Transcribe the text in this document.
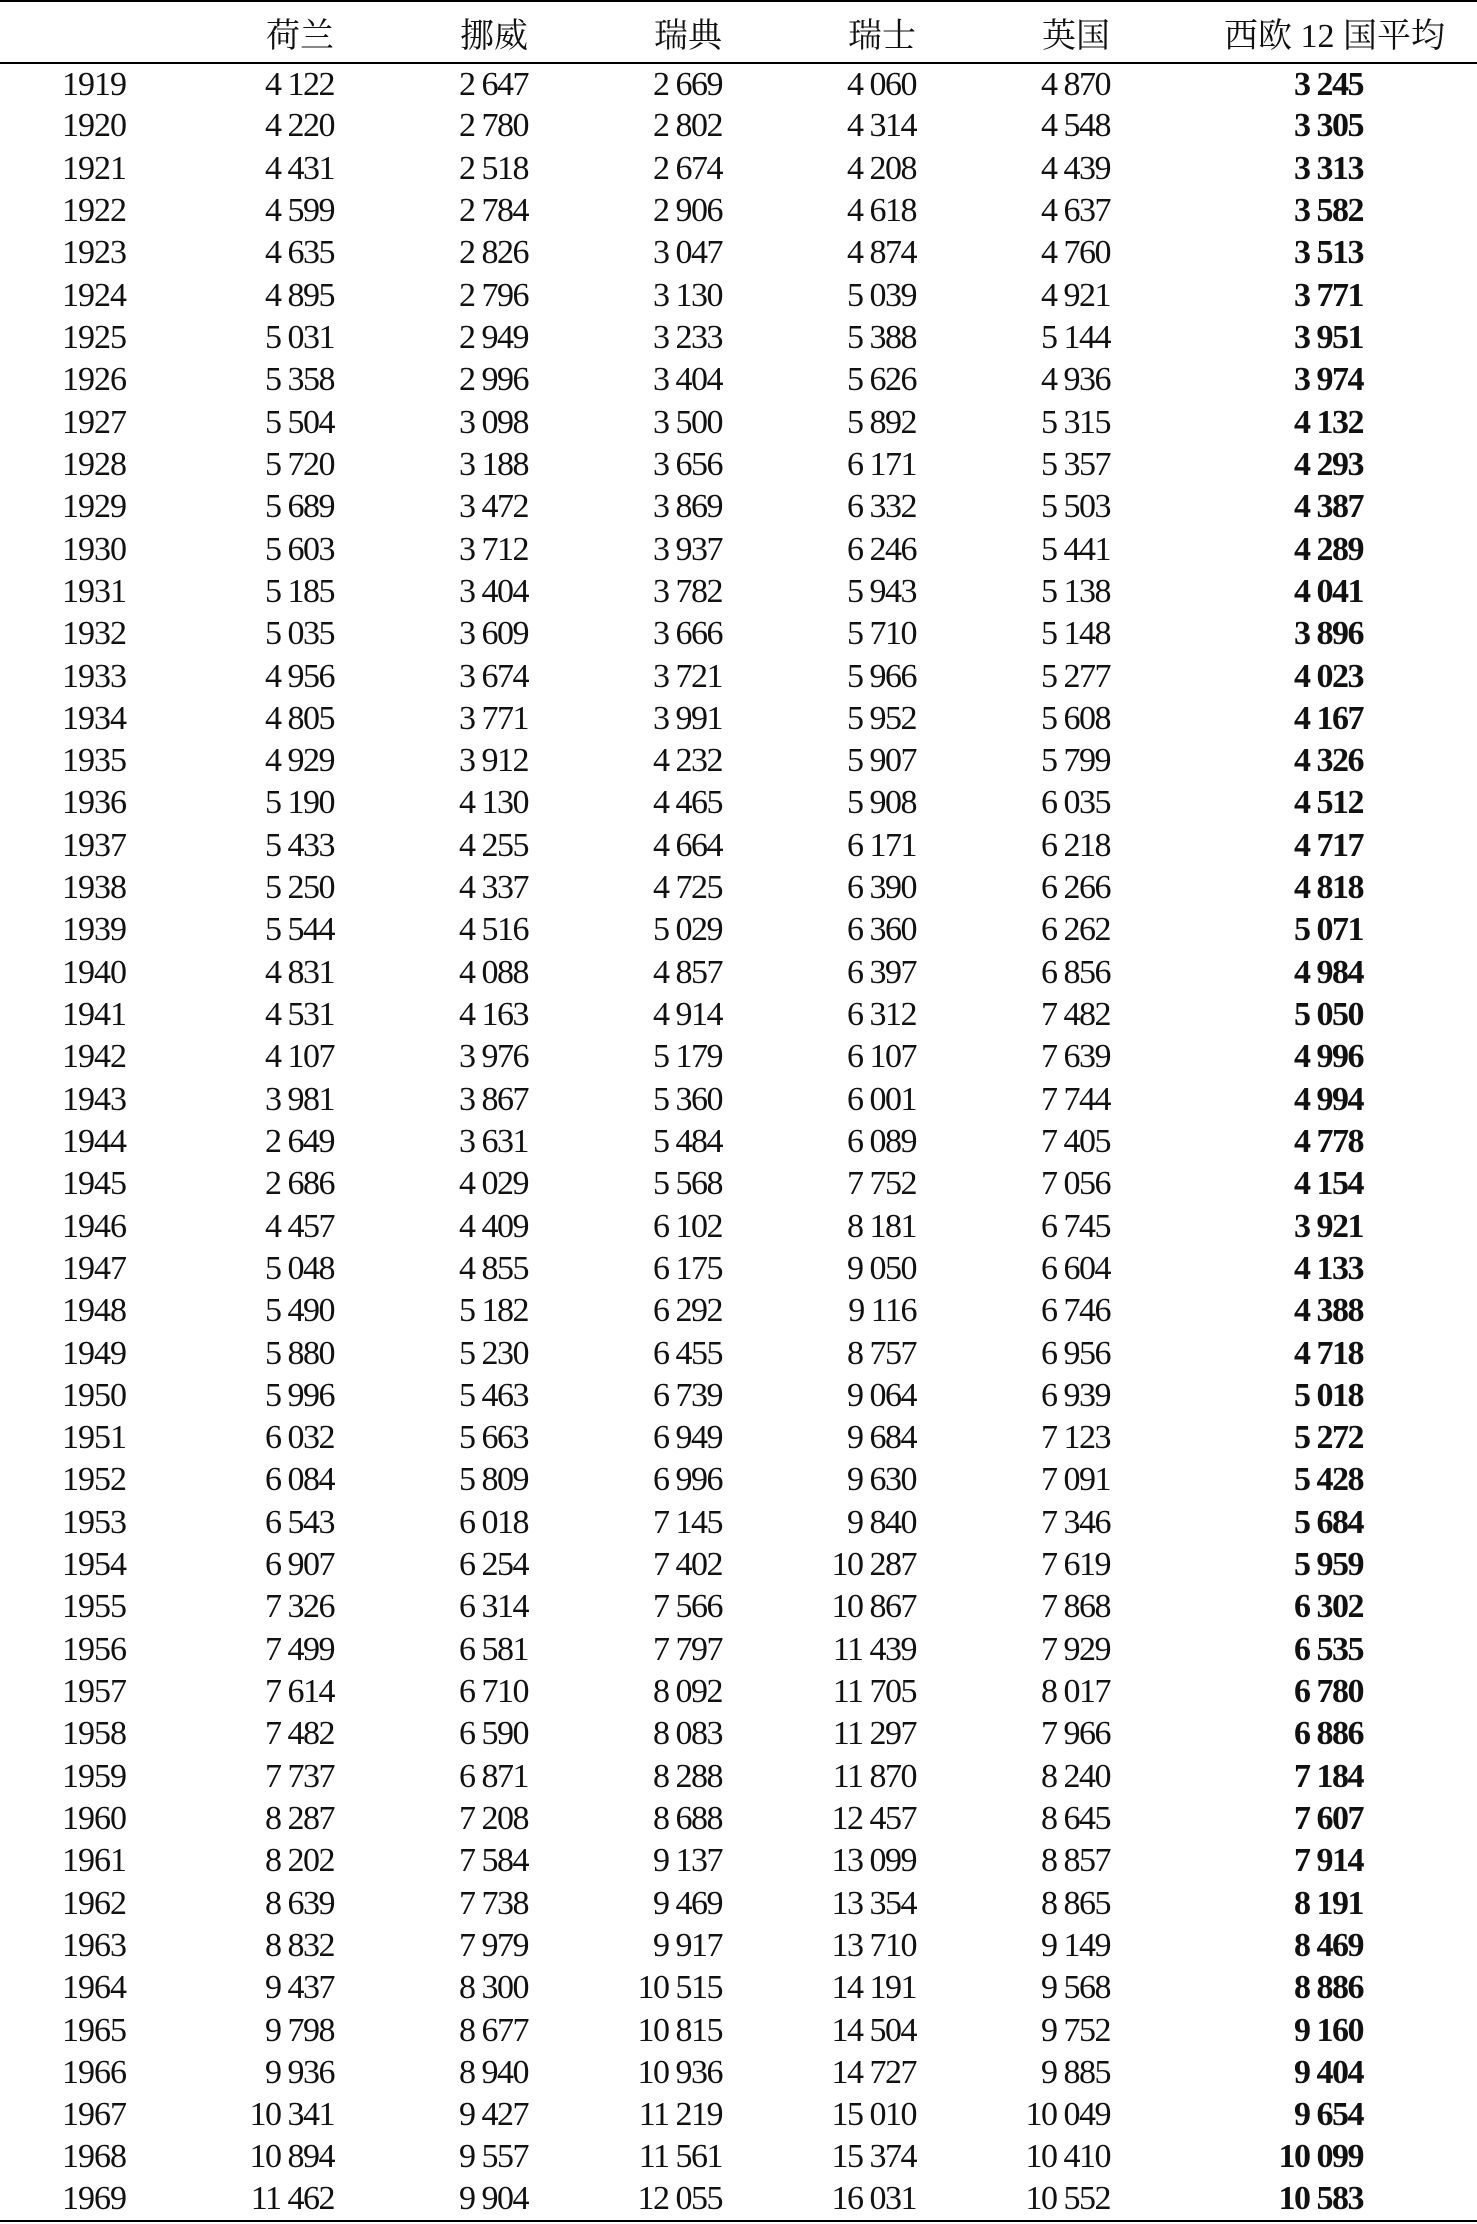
	荷兰	挪威	瑞典	瑞士	英国	西欧 12 国平均
1919	4 122	2 647	2 669	4 060	4 870	3 245
1920	4 220	2 780	2 802	4 314	4 548	3 305
1921	4 431	2 518	2 674	4 208	4 439	3 313
1922	4 599	2 784	2 906	4 618	4 637	3 582
1923	4 635	2 826	3 047	4 874	4 760	3 513
1924	4 895	2 796	3 130	5 039	4 921	3 771
1925	5 031	2 949	3 233	5 388	5 144	3 951
1926	5 358	2 996	3 404	5 626	4 936	3 974
1927	5 504	3 098	3 500	5 892	5 315	4 132
1928	5 720	3 188	3 656	6 171	5 357	4 293
1929	5 689	3 472	3 869	6 332	5 503	4 387
1930	5 603	3 712	3 937	6 246	5 441	4 289
1931	5 185	3 404	3 782	5 943	5 138	4 041
1932	5 035	3 609	3 666	5 710	5 148	3 896
1933	4 956	3 674	3 721	5 966	5 277	4 023
1934	4 805	3 771	3 991	5 952	5 608	4 167
1935	4 929	3 912	4 232	5 907	5 799	4 326
1936	5 190	4 130	4 465	5 908	6 035	4 512
1937	5 433	4 255	4 664	6 171	6 218	4 717
1938	5 250	4 337	4 725	6 390	6 266	4 818
1939	5 544	4 516	5 029	6 360	6 262	5 071
1940	4 831	4 088	4 857	6 397	6 856	4 984
1941	4 531	4 163	4 914	6 312	7 482	5 050
1942	4 107	3 976	5 179	6 107	7 639	4 996
1943	3 981	3 867	5 360	6 001	7 744	4 994
1944	2 649	3 631	5 484	6 089	7 405	4 778
1945	2 686	4 029	5 568	7 752	7 056	4 154
1946	4 457	4 409	6 102	8 181	6 745	3 921
1947	5 048	4 855	6 175	9 050	6 604	4 133
1948	5 490	5 182	6 292	9 116	6 746	4 388
1949	5 880	5 230	6 455	8 757	6 956	4 718
1950	5 996	5 463	6 739	9 064	6 939	5 018
1951	6 032	5 663	6 949	9 684	7 123	5 272
1952	6 084	5 809	6 996	9 630	7 091	5 428
1953	6 543	6 018	7 145	9 840	7 346	5 684
1954	6 907	6 254	7 402	10 287	7 619	5 959
1955	7 326	6 314	7 566	10 867	7 868	6 302
1956	7 499	6 581	7 797	11 439	7 929	6 535
1957	7 614	6 710	8 092	11 705	8 017	6 780
1958	7 482	6 590	8 083	11 297	7 966	6 886
1959	7 737	6 871	8 288	11 870	8 240	7 184
1960	8 287	7 208	8 688	12 457	8 645	7 607
1961	8 202	7 584	9 137	13 099	8 857	7 914
1962	8 639	7 738	9 469	13 354	8 865	8 191
1963	8 832	7 979	9 917	13 710	9 149	8 469
1964	9 437	8 300	10 515	14 191	9 568	8 886
1965	9 798	8 677	10 815	14 504	9 752	9 160
1966	9 936	8 940	10 936	14 727	9 885	9 404
1967	10 341	9 427	11 219	15 010	10 049	9 654
1968	10 894	9 557	11 561	15 374	10 410	10 099
1969	11 462	9 904	12 055	16 031	10 552	10 583
